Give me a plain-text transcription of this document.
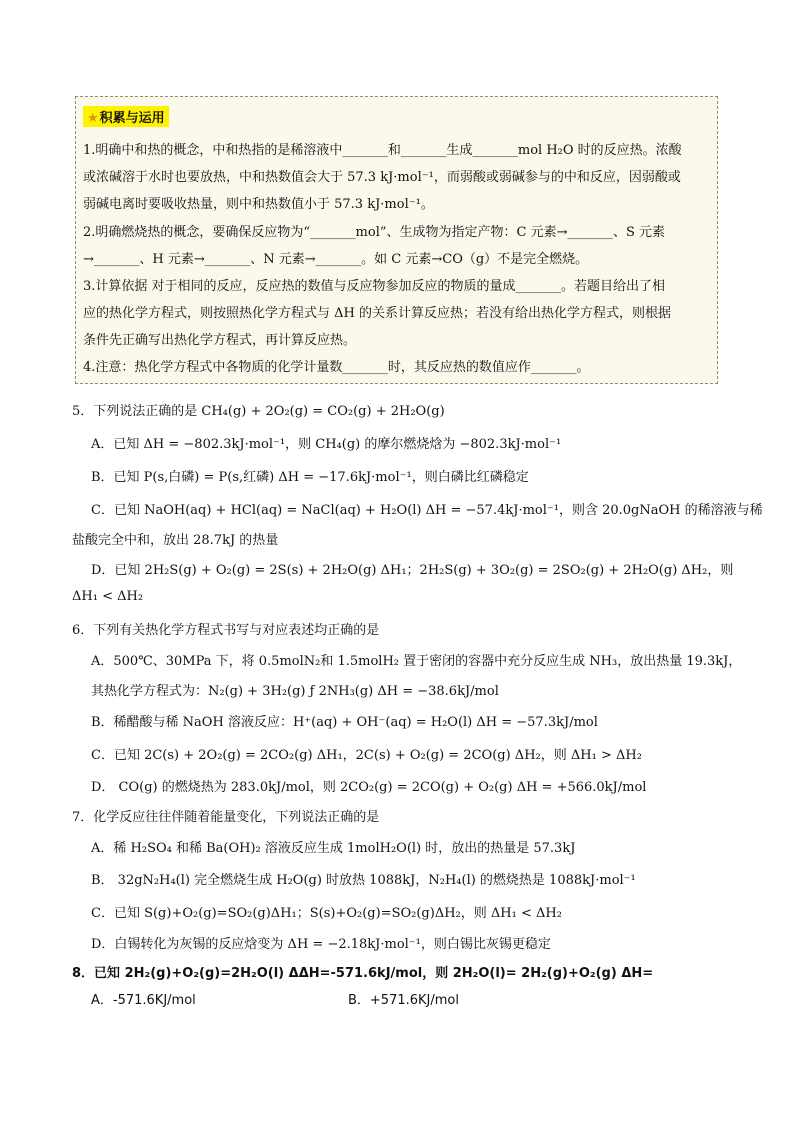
★积累与运用
1.明确中和热的概念，中和热指的是稀溶液中_______和_______生成_______mol H₂O 时的反应热。浓酸
或浓碱溶于水时也要放热，中和热数值会大于 57.3 kJ·mol⁻¹，而弱酸或弱碱参与的中和反应，因弱酸或
弱碱电离时要吸收热量，则中和热数值小于 57.3 kJ·mol⁻¹。
2.明确燃烧热的概念，要确保反应物为“_______mol”、生成物为指定产物：C 元素→_______、S 元素
→_______、H 元素→_______、N 元素→_______。如 C 元素→CO（g）不是完全燃烧。
3.计算依据 对于相同的反应，反应热的数值与反应物参加反应的物质的量成_______。若题目给出了相
应的热化学方程式，则按照热化学方程式与 ΔH 的关系计算反应热；若没有给出热化学方程式，则根据
条件先正确写出热化学方程式，再计算反应热。
4.注意：热化学方程式中各物质的化学计量数_______时，其反应热的数值应作_______。
5．下列说法正确的是 CH₄(g) + 2O₂(g) = CO₂(g) + 2H₂O(g)
A．已知 ΔH = −802.3kJ·mol⁻¹，则 CH₄(g) 的摩尔燃烧焓为 −802.3kJ·mol⁻¹
B．已知 P(s,白磷) = P(s,红磷) ΔH = −17.6kJ·mol⁻¹，则白磷比红磷稳定
C．已知 NaOH(aq) + HCl(aq) = NaCl(aq) + H₂O(l) ΔH = −57.4kJ·mol⁻¹，则含 20.0gNaOH 的稀溶液与稀
盐酸完全中和，放出 28.7kJ 的热量
D．已知 2H₂S(g) + O₂(g) = 2S(s) + 2H₂O(g) ΔH₁；2H₂S(g) + 3O₂(g) = 2SO₂(g) + 2H₂O(g) ΔH₂，则
ΔH₁ < ΔH₂
6．下列有关热化学方程式书写与对应表述均正确的是
A．500℃、30MPa 下，将 0.5molN₂和 1.5molH₂ 置于密闭的容器中充分反应生成 NH₃，放出热量 19.3kJ，
其热化学方程式为：N₂(g) + 3H₂(g) ƒ 2NH₃(g) ΔH = −38.6kJ/mol
B．稀醋酸与稀 NaOH 溶液反应：H⁺(aq) + OH⁻(aq) = H₂O(l) ΔH = −57.3kJ/mol
C．已知 2C(s) + 2O₂(g) = 2CO₂(g) ΔH₁，2C(s) + O₂(g) = 2CO(g) ΔH₂，则 ΔH₁ > ΔH₂
D． CO(g) 的燃烧热为 283.0kJ/mol，则 2CO₂(g) = 2CO(g) + O₂(g) ΔH = +566.0kJ/mol
7．化学反应往往伴随着能量变化，下列说法正确的是
A．稀 H₂SO₄ 和稀 Ba(OH)₂ 溶液反应生成 1molH₂O(l) 时，放出的热量是 57.3kJ
B． 32gN₂H₄(l) 完全燃烧生成 H₂O(g) 时放热 1088kJ，N₂H₄(l) 的燃烧热是 1088kJ·mol⁻¹
C．已知 S(g)+O₂(g)=SO₂(g)ΔH₁；S(s)+O₂(g)=SO₂(g)ΔH₂，则 ΔH₁ < ΔH₂
D．白锡转化为灰锡的反应焓变为 ΔH = −2.18kJ·mol⁻¹，则白锡比灰锡更稳定
8．已知 2H₂(g)+O₂(g)=2H₂O(l) ΔΔH=-571.6kJ/mol，则 2H₂O(l)= 2H₂(g)+O₂(g) ΔH=
A．-571.6KJ/mol	B．+571.6KJ/mol
